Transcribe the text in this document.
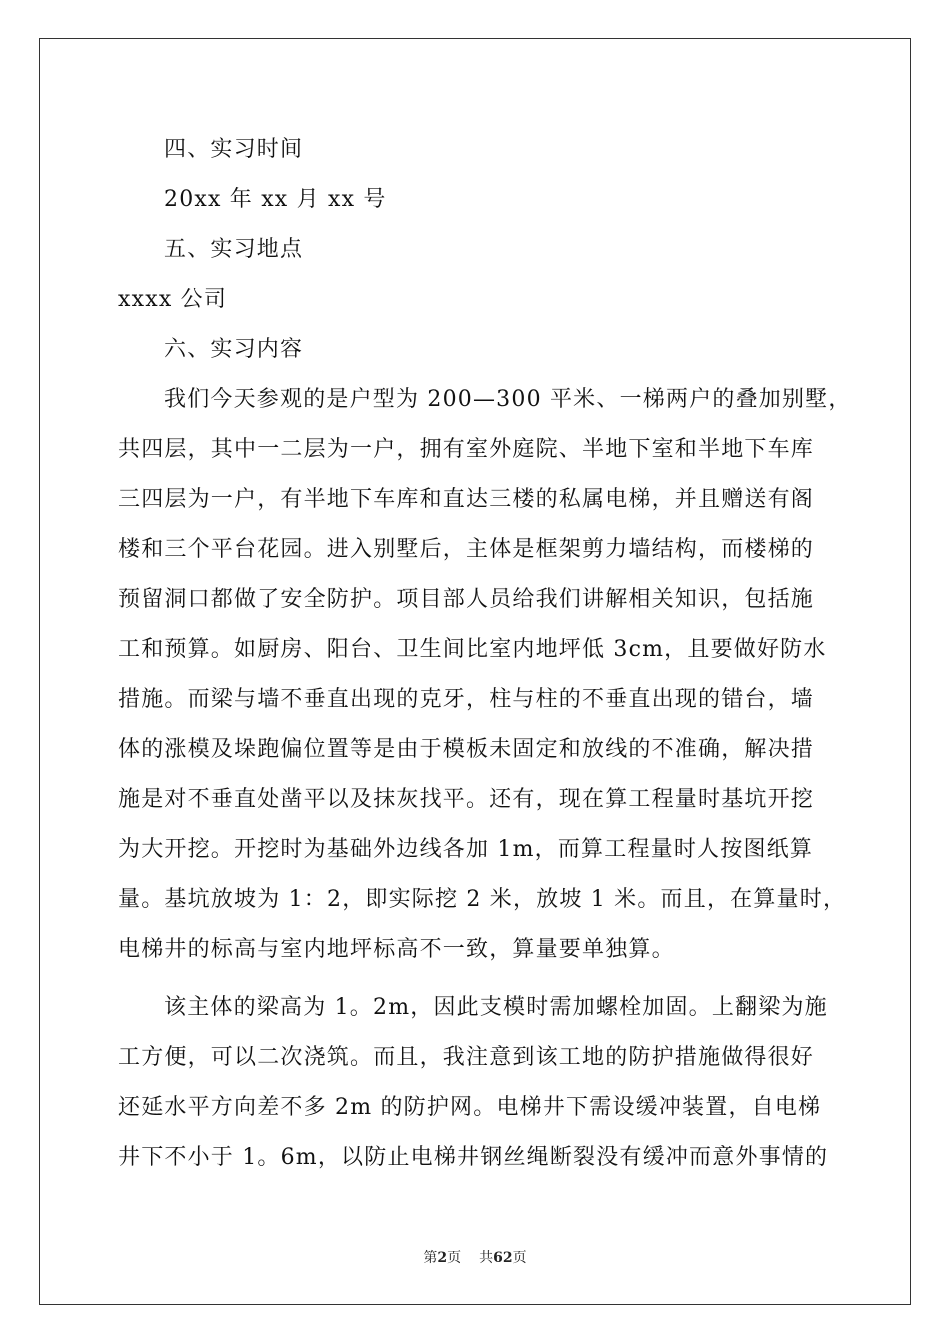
四、实习时间

20xx 年 xx 月 xx 号

五、实习地点

xxxx 公司

六、实习内容

我们今天参观的是户型为 200—300 平米、一梯两户的叠加别墅，

共四层，其中一二层为一户，拥有室外庭院、半地下室和半地下车库

三四层为一户，有半地下车库和直达三楼的私属电梯，并且赠送有阁

楼和三个平台花园。进入别墅后，主体是框架剪力墙结构，而楼梯的

预留洞口都做了安全防护。项目部人员给我们讲解相关知识，包括施

工和预算。如厨房、阳台、卫生间比室内地坪低 3cm，且要做好防水

措施。而梁与墙不垂直出现的克牙，柱与柱的不垂直出现的错台，墙

体的涨模及垛跑偏位置等是由于模板未固定和放线的不准确，解决措

施是对不垂直处凿平以及抹灰找平。还有，现在算工程量时基坑开挖

为大开挖。开挖时为基础外边线各加 1m，而算工程量时人按图纸算

量。基坑放坡为 1：2，即实际挖 2 米，放坡 1 米。而且，在算量时，

电梯井的标高与室内地坪标高不一致，算量要单独算。

该主体的梁高为 1。2m，因此支模时需加螺栓加固。上翻梁为施

工方便，可以二次浇筑。而且，我注意到该工地的防护措施做得很好

还延水平方向差不多 2m 的防护网。电梯井下需设缓冲装置，自电梯

井下不小于 1。6m，以防止电梯井钢丝绳断裂没有缓冲而意外事情的

第2页 共62页
